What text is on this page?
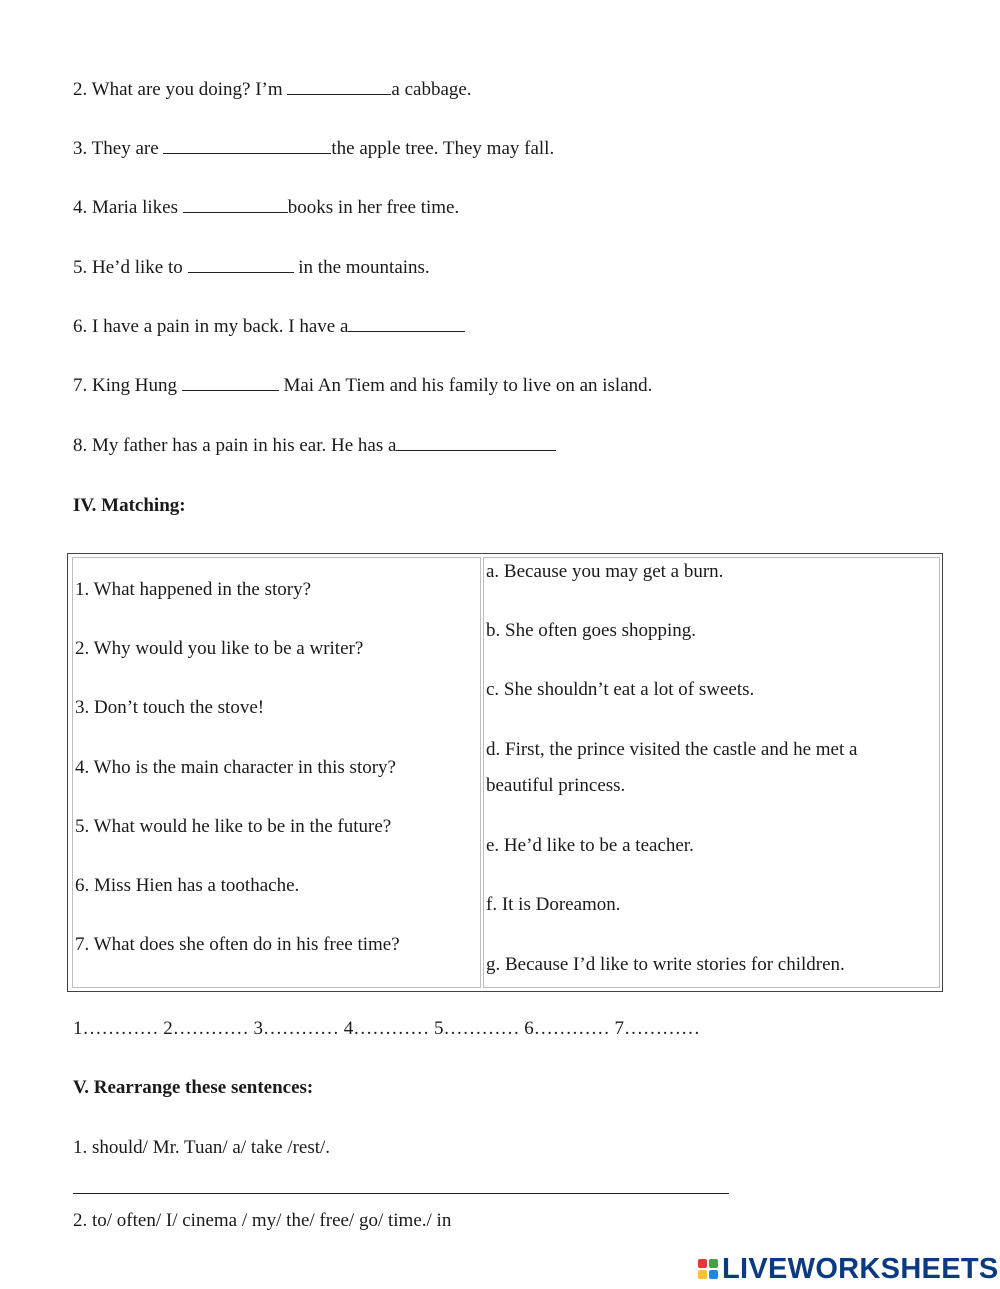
2. What are you doing? I’m	a cabbage.
3. They are	the apple tree. They may fall.
4. Maria likes	books in her free time.
5. He’d like to	in the mountains.
6. I have a pain in my back. I have a
7. King Hung	Mai An Tiem and his family to live on an island.
8. My father has a pain in his ear. He has a
IV. Matching:
1. What happened in the story?
2. Why would you like to be a writer?
3. Don’t touch the stove!
4. Who is the main character in this story?
5. What would he like to be in the future?
6. Miss Hien has a toothache.
7. What does she often do in his free time?
a. Because you may get a burn.
b. She often goes shopping.
c. She shouldn’t eat a lot of sweets.
d. First, the prince visited the castle and he met a
beautiful princess.
e. He’d like to be a teacher.
f. It is Doreamon.
g. Because I’d like to write stories for children.
1………… 2………… 3………… 4………… 5………… 6………… 7…………
V. Rearrange these sentences:
1. should/ Mr. Tuan/ a/ take /rest/.
2. to/ often/ I/ cinema / my/ the/ free/ go/ time./ in
LIVEWORKSHEETS
